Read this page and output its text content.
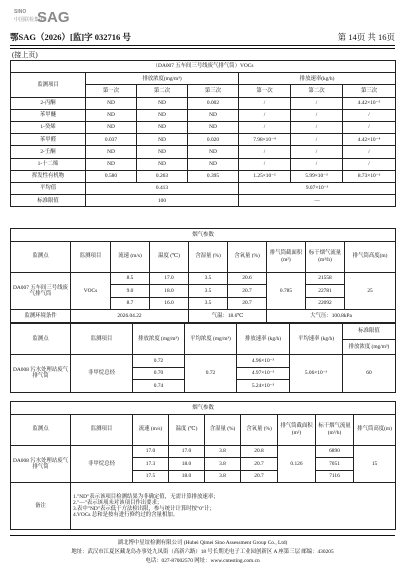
SINO
中国联检集团
SAG
鄂SAG（2026）[监]字 032716 号	第 14页 共 16页
(接上页)
（DA007 五车间三号线废气排气筒）VOCs						
监测项目	排放浓度(mg/m³)			排放速率(kg/h)		
	第一次	第二次	第三次	第一次	第二次	第三次
2-丙酮	ND	ND	0.002	/	/	4.42×10⁻⁵
苯甲醚	ND	ND	ND	/	/	/
1-癸烯	ND	ND	ND	/	/	/
苯甲醛	0.037	ND	0.020	7.98×10⁻⁴	/	4.42×10⁻⁴
2-壬酮	ND	ND	ND	/	/	/
1-十二烯	ND	ND	ND	/	/	/
挥发性有机物	0.580	0.263	0.395	1.25×10⁻²	5.99×10⁻³	8.73×10⁻³
平均值	0.413			9.07×10⁻³		
标准限值	100			—		
烟气参数								
监测点	监测项目	流速 (m/s)	温度 (℃)	含湿量 (%)	含氧量 (%)	排气筒截面积 (m²)	标干烟气流量 (m³/h)	排气筒高度(m)
DA007 五车间三号线废气排气筒	VOCs	8.5	17.0	3.5	20.6	0.785	21558	25
		9.0	18.0	3.5	20.7		22781	
		8.7	16.0	3.5	20.7		22092	
监测环境条件	2026.04.22			气温：18.6℃		大气压：100.8kPa		
监测点	监测项目	排放浓度 (mg/m³)	平均浓度 (mg/m³)	排放速率 (kg/h)	平均速率 (kg/h)	标准限值
						排放浓度 (mg/m³)
DA008 污水处理站废气排气筒	非甲烷总烃	0.72	0.72	4.96×10⁻³	5.06×10⁻³	60
		0.70		4.97×10⁻³		
		0.74		5.24×10⁻³		
烟气参数								
监测点	监测项目	流速 (m/s)	温度 (℃)	含湿量 (%)	含氧量 (%)	排气筒截面积 (m²)	标干烟气流量 (m³/h)	排气筒高度(m)
DA008 污水处理站废气排气筒	非甲烷总烃	17.0	17.0	3.8	20.8	0.126	6890	15
		17.3	18.0	3.8	20.7		7051	
		17.5	18.0	3.8	20.7		7116	
备注	1."ND"表示该项目检测结果为非确定值，无需计算排放速率；
2."—"表示该项未对该项目作出要求；
3.表中"ND"表示低于方法检出限，参与统计计算时按"0"计；
4.VOCs 总和是按有进行修约过的含量相加。							
湖北博中星谊检测有限公司 (Hubei Qimei Sino Assessment Group Co., Ltd)
地址：武汉市江夏区藏龙岛办事处九凤街（高新六路）18 号长期光电子工业园创新区 A 座第三层 邮编：430205
电话：027-87002570 网址：www.cntesting.com.cn
